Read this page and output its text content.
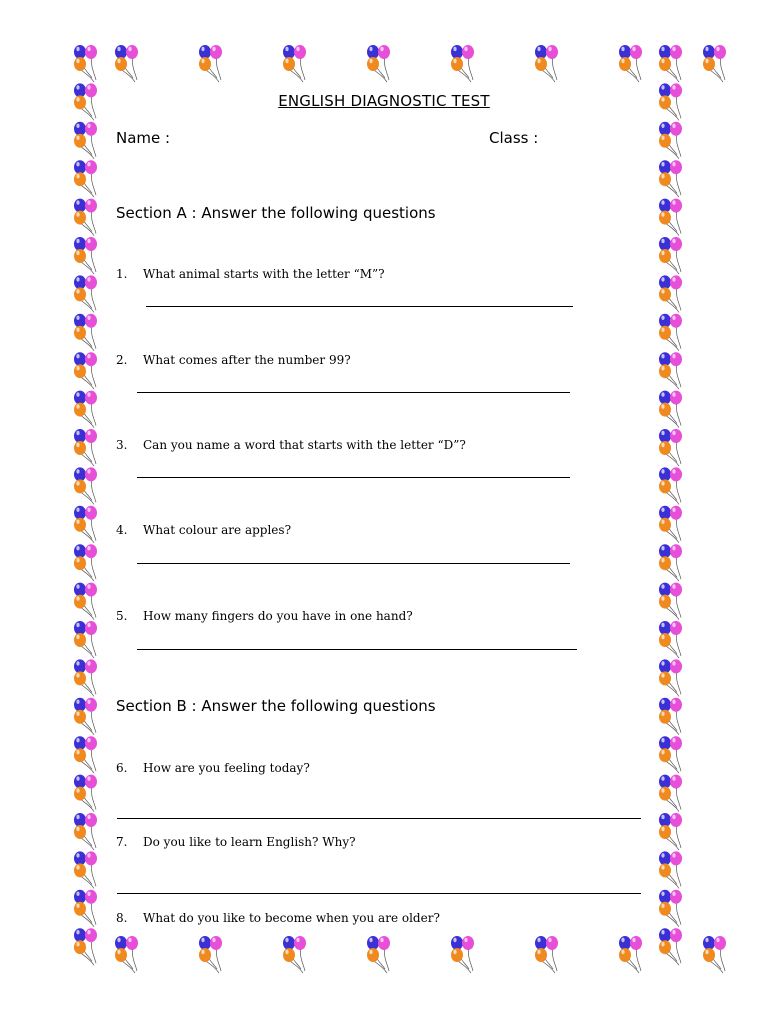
ENGLISH DIAGNOSTIC TEST
Name :	Class :
Section A : Answer the following questions
1. What animal starts with the letter “M”?
2. What comes after the number 99?
3. Can you name a word that starts with the letter “D”?
4. What colour are apples?
5. How many fingers do you have in one hand?
Section B : Answer the following questions
6. How are you feeling today?
7. Do you like to learn English? Why?
8. What do you like to become when you are older?
